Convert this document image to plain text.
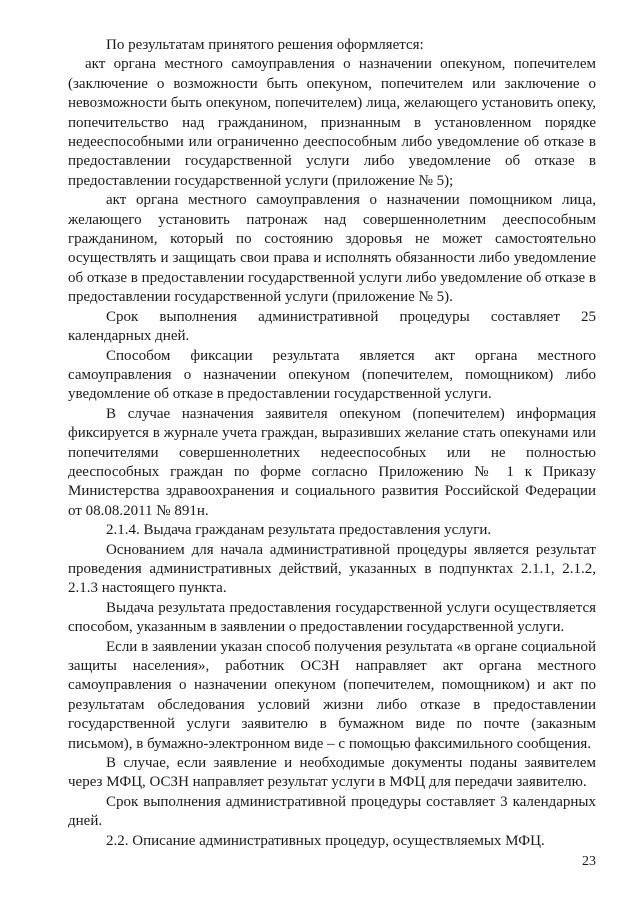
По результатам принятого решения оформляется:

акт органа местного самоуправления о назначении опекуном, попечителем (заключение о возможности быть опекуном, попечителем или заключение о невозможности быть опекуном, попечителем) лица, желающего установить опеку, попечительство над гражданином, признанным в установленном порядке недееспособными или ограниченно дееспособным либо уведомление об отказе в предоставлении государственной услуги либо уведомление об отказе в предоставлении государственной услуги (приложение № 5);

акт органа местного самоуправления о назначении помощником лица, желающего установить патронаж над совершеннолетним дееспособным гражданином, который по состоянию здоровья не может самостоятельно осуществлять и защищать свои права и исполнять обязанности либо уведомление об отказе в предоставлении государственной услуги либо уведомление об отказе в предоставлении государственной услуги (приложение № 5).

Срок выполнения административной процедуры составляет 25 календарных дней.

Способом фиксации результата является акт органа местного самоуправления о назначении опекуном (попечителем, помощником) либо уведомление об отказе в предоставлении государственной услуги.

В случае назначения заявителя опекуном (попечителем) информация фиксируется в журнале учета граждан, выразивших желание стать опекунами или попечителями совершеннолетних недееспособных или не полностью дееспособных граждан по форме согласно Приложению № 1 к Приказу Министерства здравоохранения и социального развития Российской Федерации от 08.08.2011 № 891н.

2.1.4. Выдача гражданам результата предоставления услуги.

Основанием для начала административной процедуры является результат проведения административных действий, указанных в подпунктах 2.1.1, 2.1.2, 2.1.3 настоящего пункта.

Выдача результата предоставления государственной услуги осуществляется способом, указанным в заявлении о предоставлении государственной услуги.

Если в заявлении указан способ получения результата «в органе социальной защиты населения», работник ОСЗН направляет акт органа местного самоуправления о назначении опекуном (попечителем, помощником) и акт по результатам обследования условий жизни либо отказе в предоставлении государственной услуги заявителю в бумажном виде по почте (заказным письмом), в бумажно-электронном виде – с помощью факсимильного сообщения.

В случае, если заявление и необходимые документы поданы заявителем через МФЦ, ОСЗН направляет результат услуги в МФЦ для передачи заявителю.

Срок выполнения административной процедуры составляет 3 календарных дней.

2.2. Описание административных процедур, осуществляемых МФЦ.

23
